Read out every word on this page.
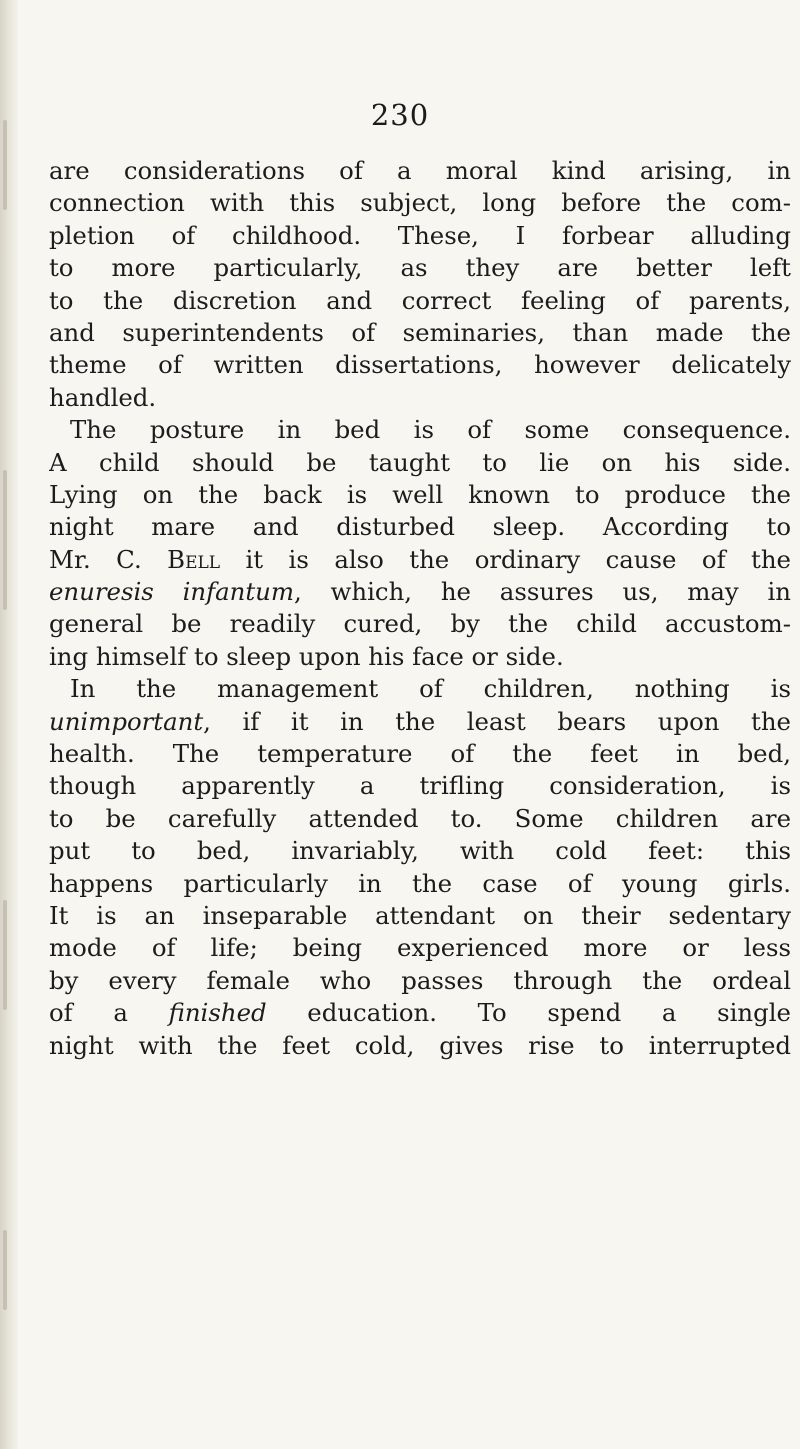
230
are considerations of a moral kind arising, in
connection with this subject, long before the com-
pletion of childhood. These, I forbear alluding
to more particularly, as they are better left
to the discretion and correct feeling of parents,
and superintendents of seminaries, than made the
theme of written dissertations, however delicately
handled.
The posture in bed is of some consequence.
A child should be taught to lie on his side.
Lying on the back is well known to produce the
night mare and disturbed sleep. According to
Mr. C. Bell it is also the ordinary cause of the
enuresis infantum, which, he assures us, may in
general be readily cured, by the child accustom-
ing himself to sleep upon his face or side.
In the management of children, nothing is
unimportant, if it in the least bears upon the
health. The temperature of the feet in bed,
though apparently a trifling consideration, is
to be carefully attended to. Some children are
put to bed, invariably, with cold feet: this
happens particularly in the case of young girls.
It is an inseparable attendant on their sedentary
mode of life; being experienced more or less
by every female who passes through the ordeal
of a finished education. To spend a single
night with the feet cold, gives rise to interrupted
